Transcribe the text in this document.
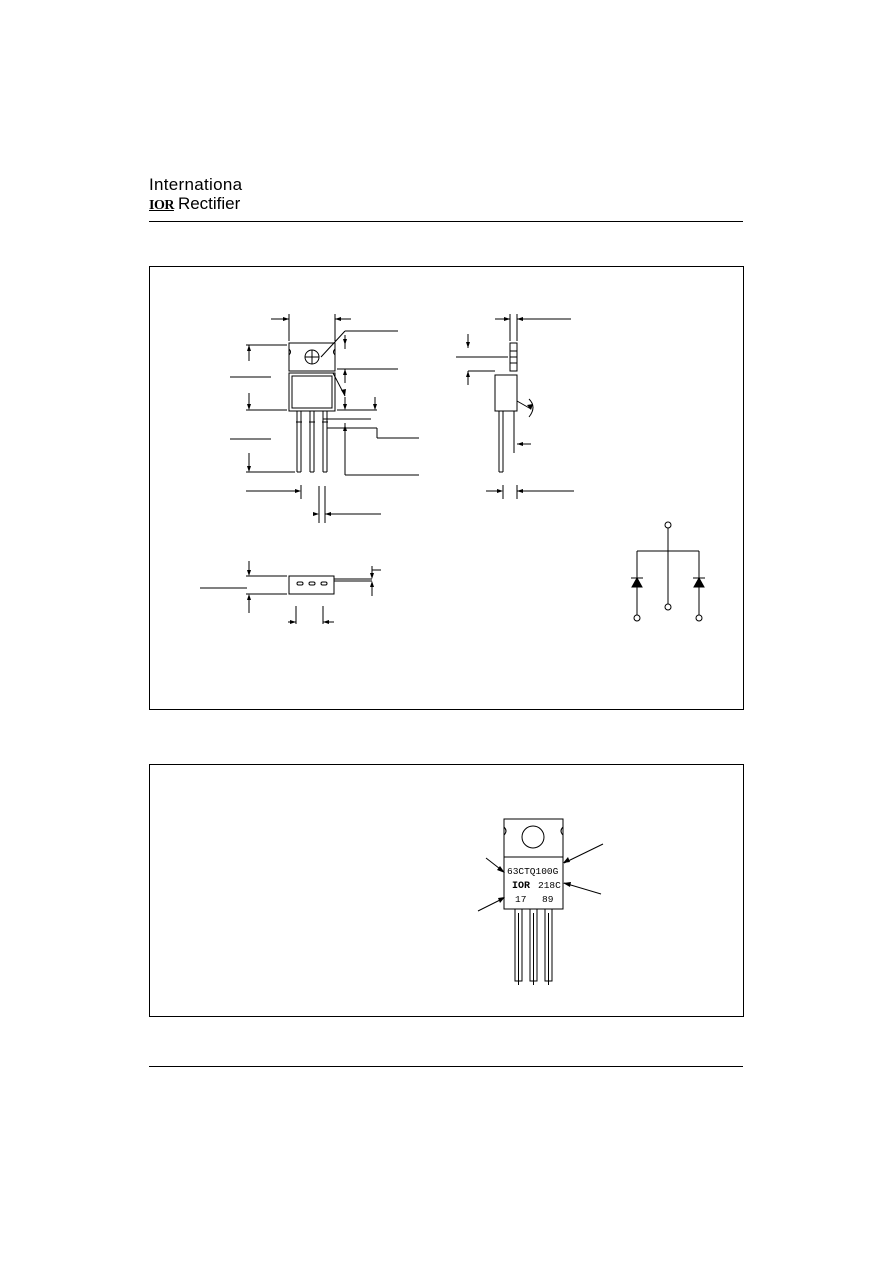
Internationa
IOR Rectifier
63CTQ100G
IOR 218C
17 89
